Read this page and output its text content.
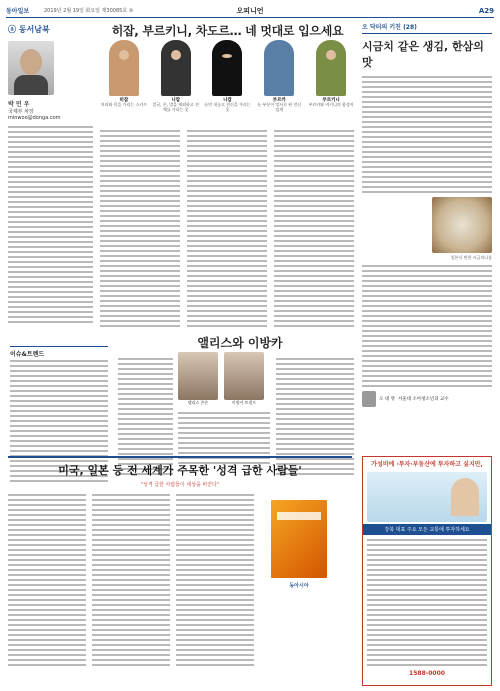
동아일보	2019년 2월 19일 화요일 제30085호 ⑩	오피니언	A29
ⓐ 동서남북
박 민 우
국제부 차장
minwoo@donga.com
히잡, 부르키니, 차도르… 네 멋대로 입으세요
히잡
머리와 목을 가리는 스카프
니캅
얼굴, 손, 발을 제외하고 전체를 가리는 옷
니캅
눈만 내놓고 전신을 가리는 옷
부르카
눈 부분이 망사로 된 전신 덮개
부르키니
부르카와 비키니의 합성어
이슈&트렌드
앨리스와 이방카
앨리스 존슨	이방카 트럼프
오 닥터의 키친 (28)
시금치 같은 생김, 한삼의 맛
일본식 반찬 시금치나물
오 대 영 서울대 소아청소년과 교수
미국, 일본 등 전 세계가 주목한 '성격 급한 사람들'
"성격 급한 사람들이 세상을 바꾼다"
동아시아
가성비에 ·투자·부동산에 투자하고 싶지만,
강북 대표 주요 모든 교통에 투자하세요
1588-0000
